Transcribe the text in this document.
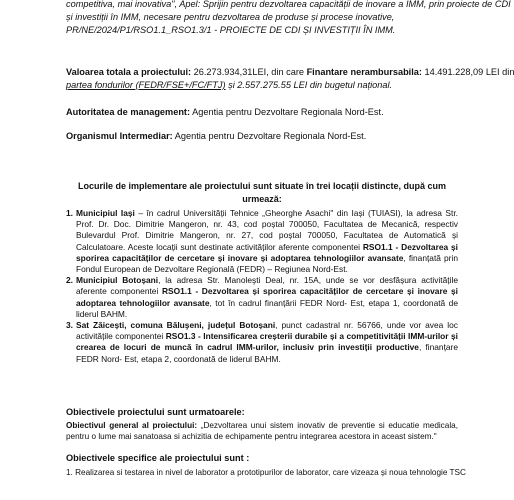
competitiva, mai inovativa", Apel: Sprijin pentru dezvoltarea capacității de inovare a IMM, prin proiecte de CDI
și investiții în IMM, necesare pentru dezvoltarea de produse și procese inovative,
PR/NE/2024/P1/RSO1.1_RSO1.3/1 - PROIECTE DE CDI ȘI INVESTIȚII ÎN IMM.
Valoarea totala a proiectului: 26.273.934,31LEI, din care Finantare nerambursabila: 14.491.228,09 LEI din
partea fondurilor (FEDR/FSE+/FC/FTJ) și 2.557.275.55 LEI din bugetul național.
Autoritatea de management: Agentia pentru Dezvoltare Regionala Nord-Est.
Organismul Intermediar: Agentia pentru Dezvoltare Regionala Nord-Est.
Locurile de implementare ale proiectului sunt situate în trei locații distincte, după cum urmează:
1. Municipiul Iași – în cadrul Universității Tehnice „Gheorghe Asachi" din Iași (TUIASI), la adresa Str. Prof. Dr. Doc. Dimitrie Mangeron, nr. 43, cod poștal 700050, Facultatea de Mecanică, respectiv Bulevardul Prof. Dimitrie Mangeron, nr. 27, cod poștal 700050, Facultatea de Automatică și Calculatoare. Aceste locații sunt destinate activităților aferente componentei RSO1.1 - Dezvoltarea și sporirea capacităților de cercetare și inovare și adoptarea tehnologiilor avansate, finanțată prin Fondul European de Dezvoltare Regională (FEDR) – Regiunea Nord-Est.
2. Municipiul Botoșani, la adresa Str. Manoleşti Deal, nr. 15A, unde se vor desfășura activitățile aferente componentei RSO1.1 - Dezvoltarea și sporirea capacităților de cercetare și inovare și adoptarea tehnologiilor avansate, tot în cadrul finanțării FEDR Nord- Est, etapa 1, coordonată de liderul BAHM.
3. Sat Zăicești, comuna Băluşeni, județul Botoșani, punct cadastral nr. 56766, unde vor avea loc activitățile componentei RSO1.3 - Intensificarea creșterii durabile și a competitivității IMM-urilor și crearea de locuri de muncă în cadrul IMM-urilor, inclusiv prin investiții productive, finanțare FEDR Nord- Est, etapa 2, coordonată de liderul BAHM.
Obiectivele proiectului sunt urmatoarele:
Obiectivul general al proiectului: „Dezvoltarea unui sistem inovativ de preventie si educatie medicala, pentru o lume mai sanatoasa si achizitia de echipamente pentru integrarea acestora in aceast sistem."
Obiectivele specifice ale proiectului sunt :
1. Realizarea si testarea in nivel de laborator a prototipurilor de laborator, care vizeaza și noua tehnologie TSC
